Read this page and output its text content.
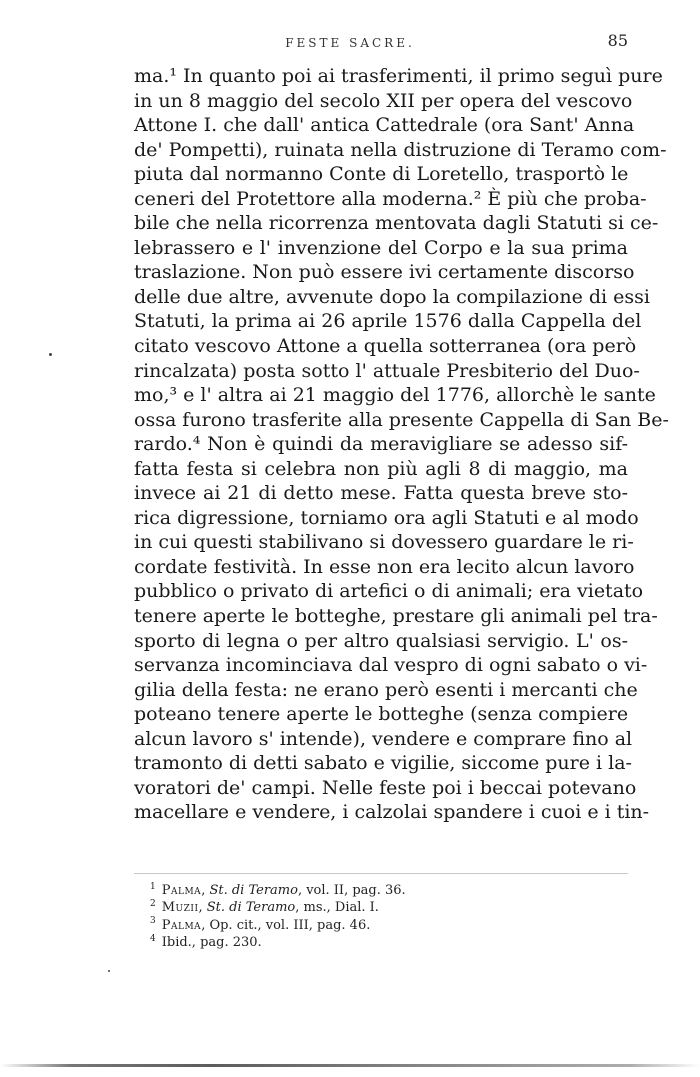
FESTE SACRE.	85
ma.¹ In quanto poi ai trasferimenti, il primo seguì pure
in un 8 maggio del secolo XII per opera del vescovo
Attone I. che dall' antica Cattedrale (ora Sant' Anna
de' Pompetti), ruinata nella distruzione di Teramo com-
piuta dal normanno Conte di Loretello, trasportò le
ceneri del Protettore alla moderna.² È più che proba-
bile che nella ricorrenza mentovata dagli Statuti si ce-
lebrassero e l' invenzione del Corpo e la sua prima
traslazione. Non può essere ivi certamente discorso
delle due altre, avvenute dopo la compilazione di essi
Statuti, la prima ai 26 aprile 1576 dalla Cappella del
citato vescovo Attone a quella sotterranea (ora però
rincalzata) posta sotto l' attuale Presbiterio del Duo-
mo,³ e l' altra ai 21 maggio del 1776, allorchè le sante
ossa furono trasferite alla presente Cappella di San Be-
rardo.⁴ Non è quindi da meravigliare se adesso sif-
fatta festa si celebra non più agli 8 di maggio, ma
invece ai 21 di detto mese. Fatta questa breve sto-
rica digressione, torniamo ora agli Statuti e al modo
in cui questi stabilivano si dovessero guardare le ri-
cordate festività. In esse non era lecito alcun lavoro
pubblico o privato di artefici o di animali; era vietato
tenere aperte le botteghe, prestare gli animali pel tra-
sporto di legna o per altro qualsiasi servigio. L' os-
servanza incominciava dal vespro di ogni sabato o vi-
gilia della festa: ne erano però esenti i mercanti che
poteano tenere aperte le botteghe (senza compiere
alcun lavoro s' intende), vendere e comprare fino al
tramonto di detti sabato e vigilie, siccome pure i la-
voratori de' campi. Nelle feste poi i beccai potevano
macellare e vendere, i calzolai spandere i cuoi e i tin-
$^1$ Palma, St. di Teramo, vol. II, pag. 36.
$^2$ Muzii, St. di Teramo, ms., Dial. I.
$^3$ Palma, Op. cit., vol. III, pag. 46.
$^4$ Ibid., pag. 230.
